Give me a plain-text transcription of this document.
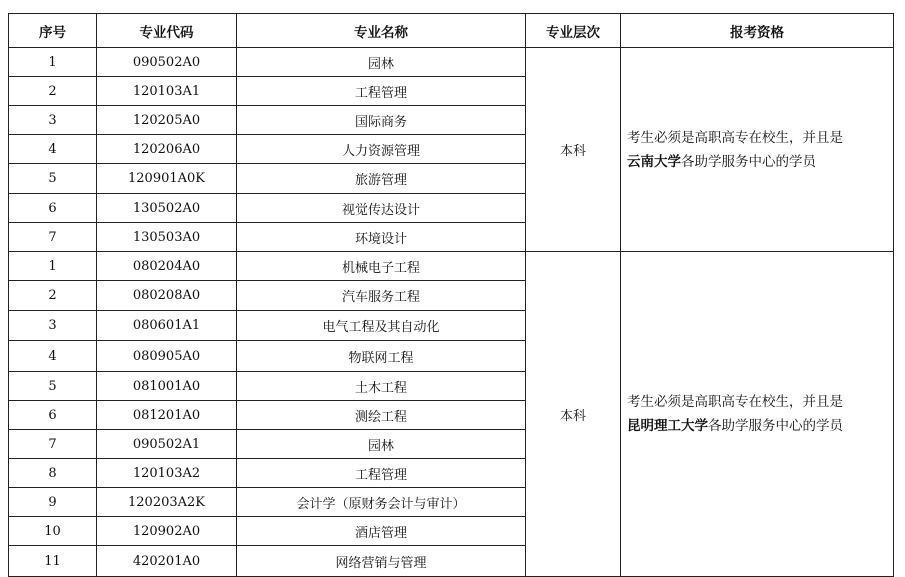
序号	专业代码	专业名称	专业层次	报考资格
1	090502A0	园林	本科	考生必须是高职高专在校生，并且是
云南大学各助学服务中心的学员
2	120103A1	工程管理		
3	120205A0	国际商务		
4	120206A0	人力资源管理		
5	120901A0K	旅游管理		
6	130502A0	视觉传达设计		
7	130503A0	环境设计		
1	080204A0	机械电子工程	本科	考生必须是高职高专在校生，并且是
昆明理工大学各助学服务中心的学员
2	080208A0	汽车服务工程		
3	080601A1	电气工程及其自动化		
4	080905A0	物联网工程		
5	081001A0	土木工程		
6	081201A0	测绘工程		
7	090502A1	园林		
8	120103A2	工程管理		
9	120203A2K	会计学（原财务会计与审计）		
10	120902A0	酒店管理		
11	420201A0	网络营销与管理		
